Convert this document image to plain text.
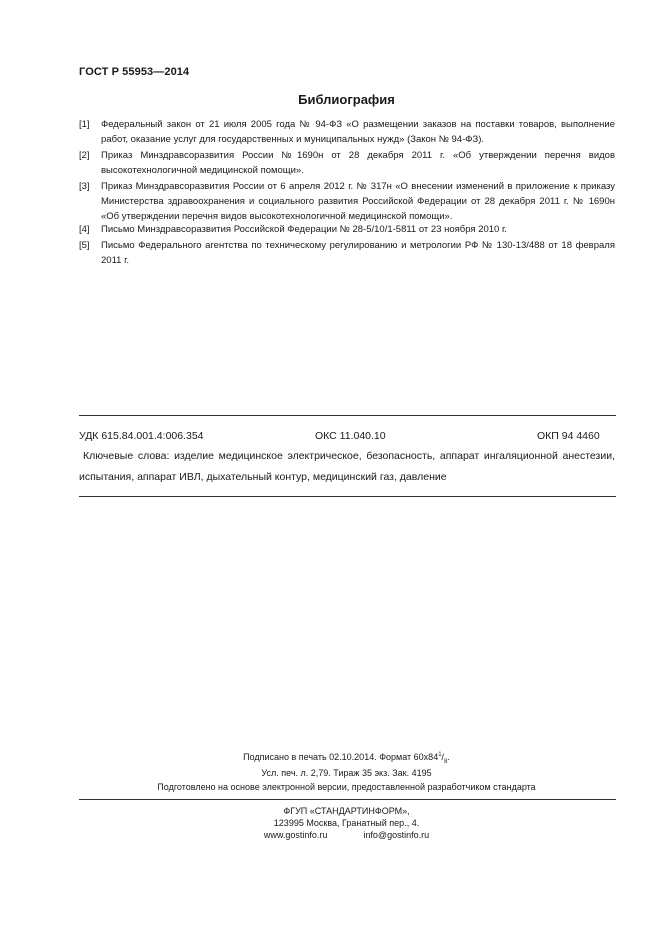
ГОСТ Р 55953—2014
Библиография
[1] Федеральный закон от 21 июля 2005 года № 94-ФЗ «О размещении заказов на поставки товаров, выполнение работ, оказание услуг для государственных и муниципальных нужд» (Закон № 94-ФЗ).
[2] Приказ Минздравсоразвития России №1690н от 28 декабря 2011 г. «Об утверждении перечня видов высокотехнологичной медицинской помощи».
[3] Приказ Минздравсоразвития России от 6 апреля 2012 г. № 317н «О внесении изменений в приложение к приказу Министерства здравоохранения и социального развития Российской Федерации от 28 декабря 2011 г. № 1690н «Об утверждении перечня видов высокотехнологичной медицинской помощи».
[4] Письмо Минздравсоразвития Российской Федерации № 28-5/10/1-5811 от 23 ноября 2010 г.
[5] Письмо Федерального агентства по техническому регулированию и метрологии РФ № 130-13/488 от 18 февраля 2011 г.
УДК 615.84.001.4:006.354	ОКС 11.040.10	ОКП 94 4460
Ключевые слова: изделие медицинское электрическое, безопасность, аппарат ингаляционной анестезии, испытания, аппарат ИВЛ, дыхательный контур, медицинский газ, давление
Подписано в печать 02.10.2014. Формат $60x84^1/_8$.
Усл. печ. л. 2,79. Тираж 35 экз. Зак. 4195
Подготовлено на основе электронной версии, предоставленной разработчиком стандарта
ФГУП «СТАНДАРТИНФОРМ»,
123995 Москва, Гранатный пер., 4.
www.gostinfo.ru	info@gostinfo.ru
